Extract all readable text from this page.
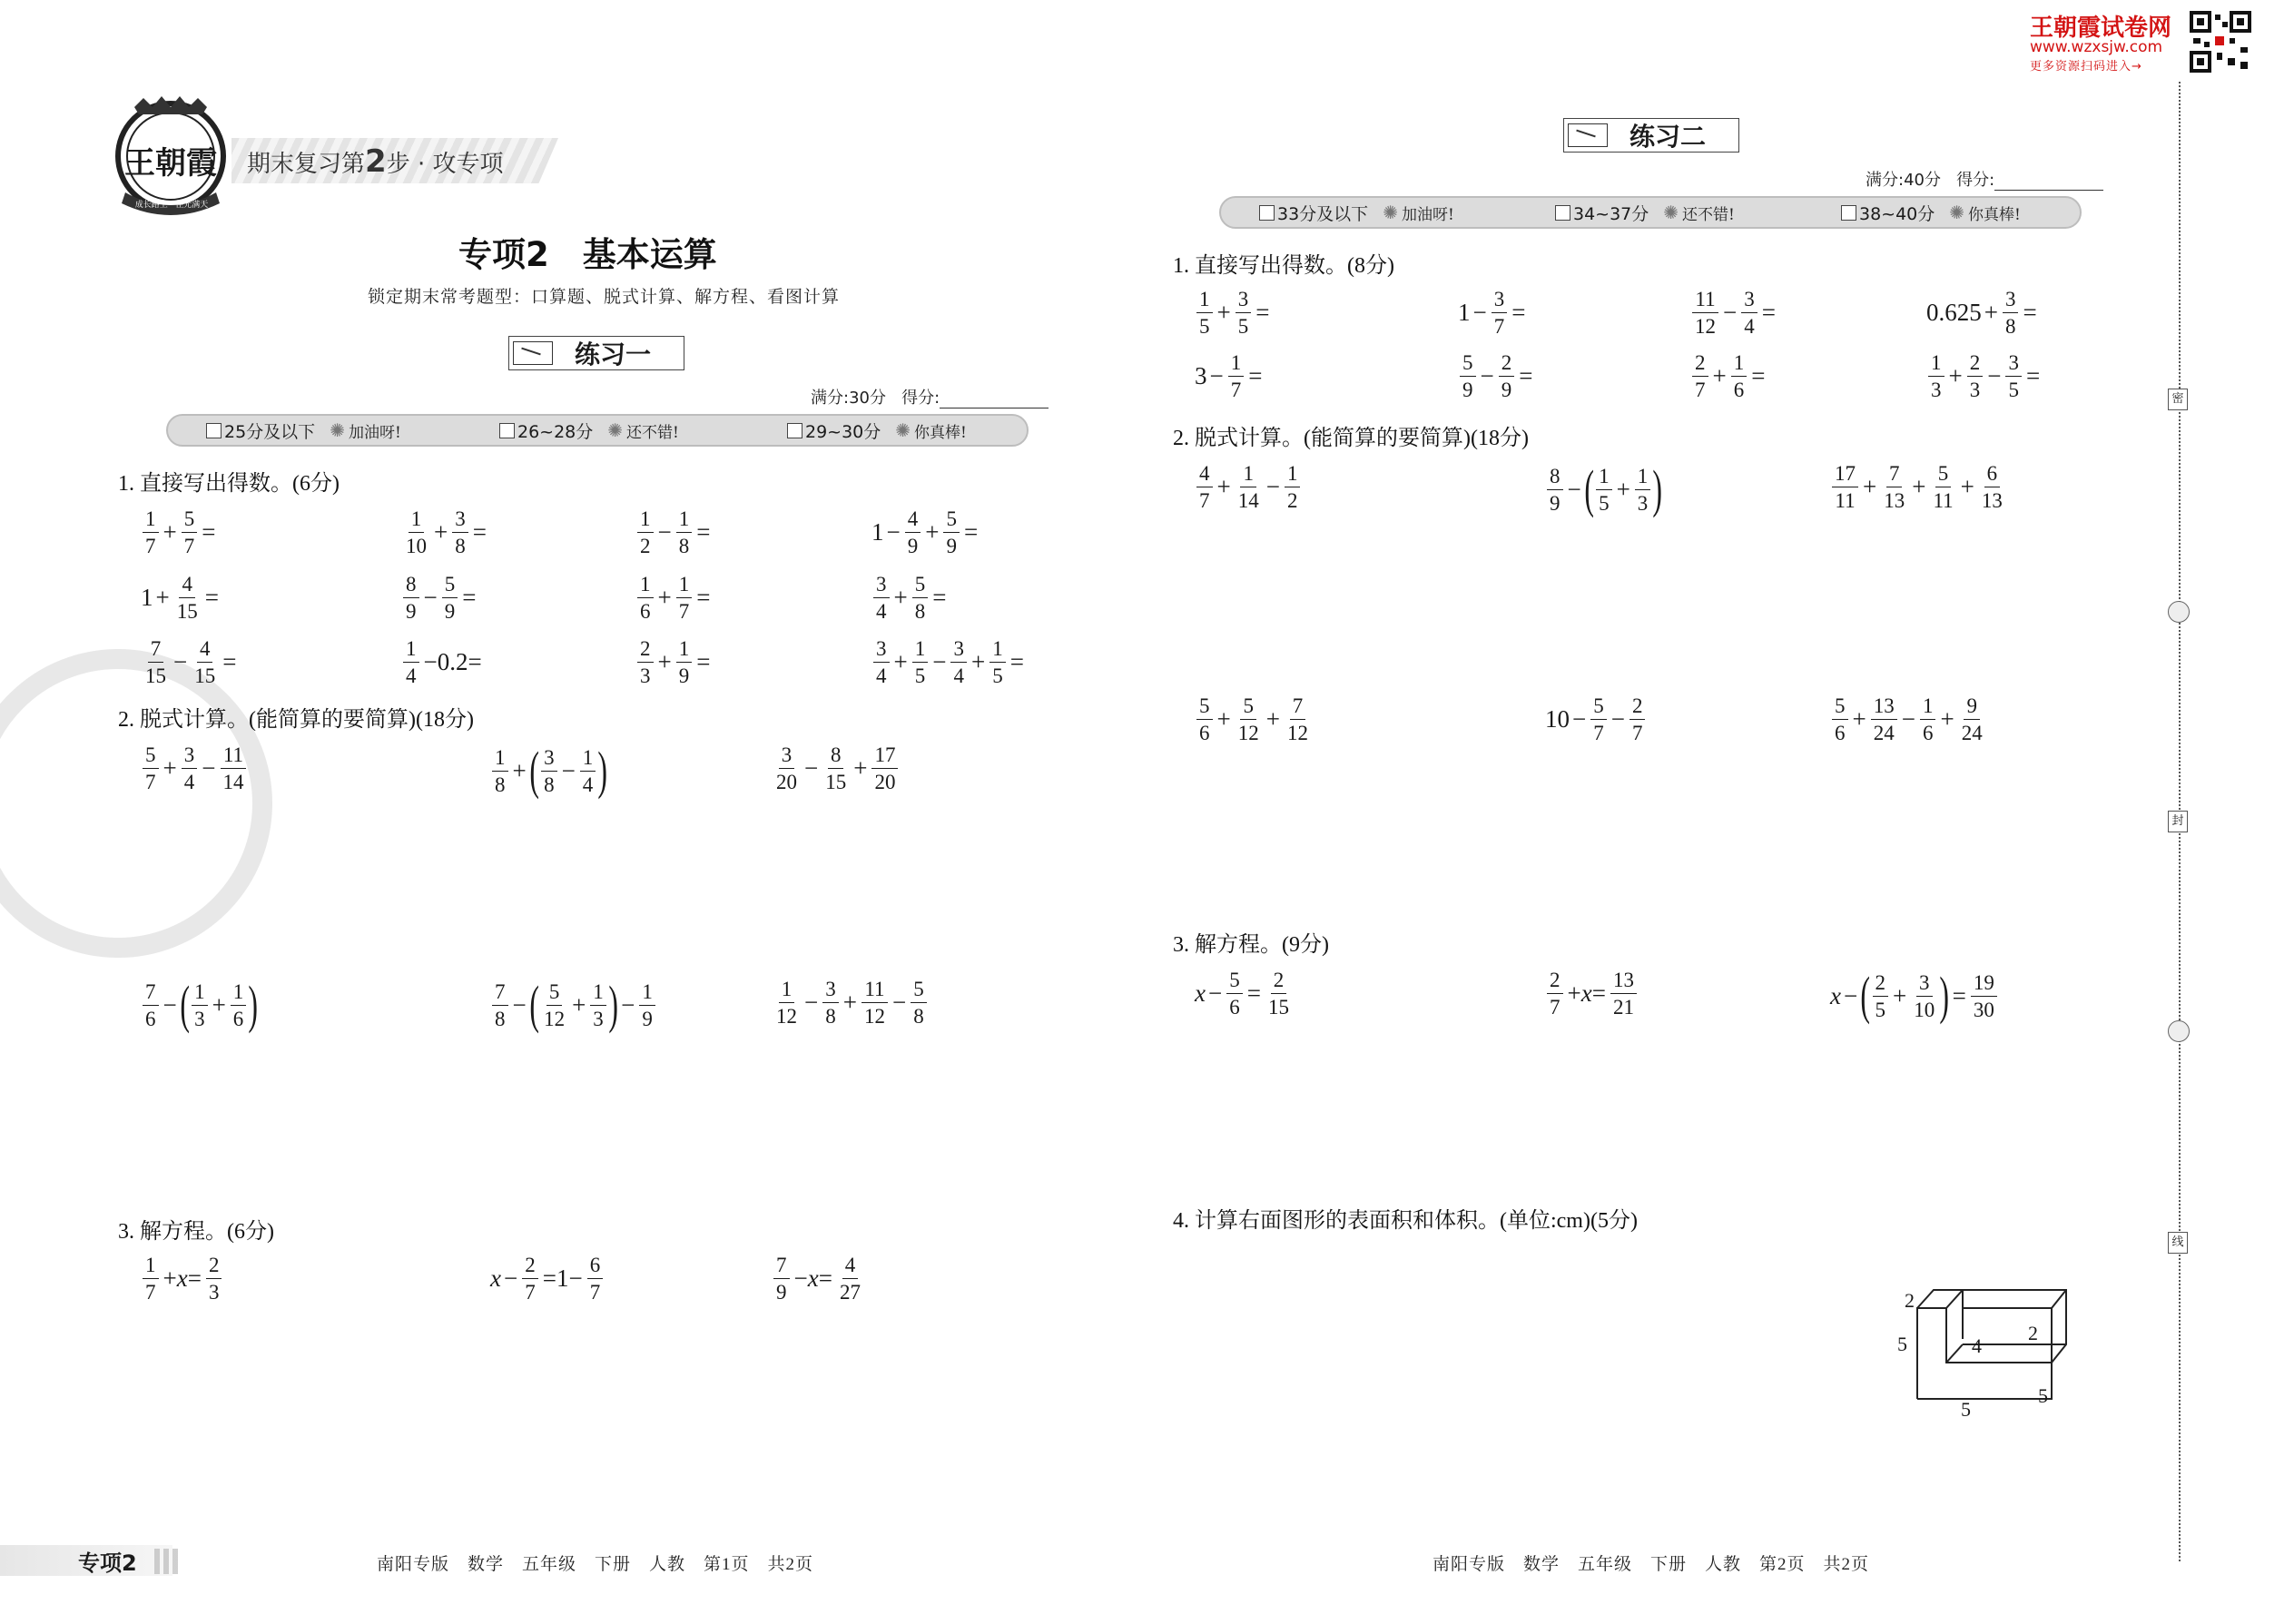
王朝霞
成长路上 · 佳光满天
期末复习第2步 · 攻专项
王朝霞试卷网
www.wzxsjw.com
更多资源扫码进入→
专项2　基本运算
锁定期末常考题型：口算题、脱式计算、解方程、看图计算
练习一
满分:30分 得分:
25分及以下 ✺ 加油呀!	26~28分 ✺ 还不错!	29~30分 ✺ 你真棒!
1. 直接写出得数。(6分)
$\frac{1}{7} + \frac{5}{7}$ =	$\frac{1}{10} + \frac{3}{8}$ =	$\frac{1}{2} - \frac{1}{8}$ =	$1 - \frac{4}{9} + \frac{5}{9}$ =
$1 + \frac{4}{15}$ =	$\frac{8}{9} - \frac{5}{9}$ =	$\frac{1}{6} + \frac{1}{7}$ =	$\frac{3}{4} + \frac{5}{8}$ =
$\frac{7}{15} - \frac{4}{15}$ =	$\frac{1}{4} -0.2=$	$\frac{2}{3} + \frac{1}{9}$ =	$\frac{3}{4} + \frac{1}{5} - \frac{3}{4} + \frac{1}{5}$ =
2. 脱式计算。(能简算的要简算)(18分)
$\frac{5}{7} + \frac{3}{4} - \frac{11}{14}$	$\frac{1}{8}$ + ( $\frac{3}{8} - \frac{1}{4}$ )	$\frac{3}{20} - \frac{8}{15} + \frac{17}{20}$
$\frac{7}{6}$ − ( $\frac{1}{3} + \frac{1}{6}$ )	$\frac{7}{8}$ − ( $\frac{5}{12} + \frac{1}{3}$ ) − $\frac{1}{9}$	$\frac{1}{12} - \frac{3}{8} + \frac{11}{12} - \frac{5}{8}$
3. 解方程。(6分)
$\frac{1}{7} +x= \frac{2}{3}$	$x - \frac{2}{7} =1- \frac{6}{7}$	$\frac{7}{9} -x= \frac{4}{27}$
专项2	南阳专版　数学　五年级　下册　人教　第1页　共2页
练习二
满分:40分 得分:
33分及以下 ✺ 加油呀!	34~37分 ✺ 还不错!	38~40分 ✺ 你真棒!
1. 直接写出得数。(8分)
$\frac{1}{5} + \frac{3}{5}$ =	$1 - \frac{3}{7}$ =	$\frac{11}{12} - \frac{3}{4}$ =	$0.625 + \frac{3}{8}$ =
$3 - \frac{1}{7}$ =	$\frac{5}{9} - \frac{2}{9}$ =	$\frac{2}{7} + \frac{1}{6}$ =	$\frac{1}{3} + \frac{2}{3} - \frac{3}{5}$ =
2. 脱式计算。(能简算的要简算)(18分)
$\frac{4}{7} + \frac{1}{14} - \frac{1}{2}$	$\frac{8}{9}$ − ( $\frac{1}{5} + \frac{1}{3}$ )	$\frac{17}{11} + \frac{7}{13} + \frac{5}{11} + \frac{6}{13}$
$\frac{5}{6} + \frac{5}{12} + \frac{7}{12}$	$10 - \frac{5}{7} - \frac{2}{7}$	$\frac{5}{6} + \frac{13}{24} - \frac{1}{6} + \frac{9}{24}$
3. 解方程。(9分)
$x - \frac{5}{6} = \frac{2}{15}$	$\frac{2}{7} +x= \frac{13}{21}$	x − ( $\frac{2}{5} + \frac{3}{10}$ ) = $\frac{19}{30}$
4. 计算右面图形的表面积和体积。(单位:cm)(5分)
2
5	4
2
5
5
南阳专版　数学　五年级　下册　人教　第2页　共2页
密
封
线
